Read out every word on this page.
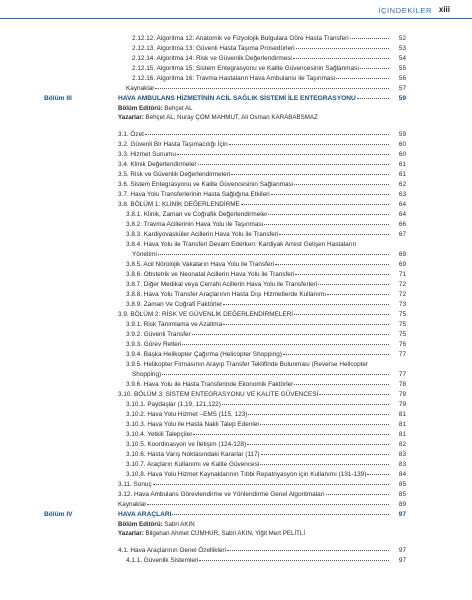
İÇİNDEKİLER xiii
2.12.12. Algoritma 12: Anatomik ve Fizyolojik Bulgulara Göre Hasta Transferi	52
2.12.13. Algoritma 13: Güvenli Hasta Taşıma Prosedürleri	53
2.12.14. Algoritma 14: Risk ve Güvenlik Değerlendirmesi	54
2.12.15. Algoritma 15: Sistem Entegrasyonu ve Kalite Güvencesinin Sağlanması	55
2.12.16. Algoritma 16: Travma Hastaların Hava Ambulansı ile Taşınması	56
Kaynaklar	57
Bölüm III	HAVA AMBULANS HİZMETİNİN ACİL SAĞLIK SİSTEMİ İLE ENTEGRASYONU	59
Bölüm Editörü: Behçet AL
Yazarlar: Behçet AL, Nuray ÇOM MAHMUT, Ali Osman KARABABSMAZ
3.1. Özet	59
3.2. Güvenli Bir Hasta Taşımacılığı İçin	60
3.3. Hizmet Sunumu	60
3.4. Klinik Değerlendirmeler	61
3.5. Risk ve Güvenlik Değerlendirmeleri	61
3.6. Sistem Entegrasyonu ve Kalite Güvencesinin Sağlanması	62
3.7. Hava Yolu Transferlerinin Hasta Sağlığına Etkileri	63
3.8. BÖLÜM 1: KLİNİK DEĞERLENDİRME	64
3.8.1. Klinik, Zaman ve Coğrafik Değerlendirmeler	64
3.8.2. Travma Acillerinin Hava Yolu ile Taşınması	66
3.8.3. Kardiyovasküler Acillerin Hava Yolu ile Transferi	67
3.8.4. Hava Yolu ile Transferi Devam Ederken: Kardiyak Arrest Gelişen Hastaların
Yönetimi	69
3.8.5. Acil Nörolojik Vakaların Hava Yolu ile Transferi	69
3.8.6. Obstetrik ve Neonatal Acillerin Hava Yolu ile Transferi	71
3.8.7. Diğer Medikal veya Cerrahi Acillerin Hava Yolu ile Transferleri	72
3.8.8. Hava Yolu Transfer Araçlarının Hasta Dışı Hizmetlerde Kullanımı	72
3.8.9. Zaman Ve Coğrafi Faktörler	73
3.9. BÖLÜM 2: RİSK VE GÜVENLİK DEĞERLENDİRMELERİ	75
3.9.1. Risk Tanımlama ve Azaltma	75
3.9.2. Güvenli Transfer	75
3.9.3. Görev Retleri	76
3.9.4. Başka Helikopter Çağırma (Helicopter Shopping)	77
3.9.5. Helikopter Firmasının Arayıp Transfer Teklifinde Bulunması (Reverse Helicopter
Shopping)	77
3.9.6. Hava Yolu ile Hasta Transferinde Ekonomik Faktörler	78
3.10. BÖLÜM 3: SİSTEM ENTEGRASYONU VE KALİTE GÜVENCESİ	79
3.10.1. Paydaşlar (1,19, 121,122)	79
3.10.2. Hava Yolu Hizmet –EMS (115, 123)	81
3.10.3. Hava Yolu ile Hasta Nakli Talep Edenler	81
3.10.4. Yetkili Talepçiler	81
3.10.5. Koordinasyon ve İletişim (124-128)	82
3.10.6. Hasta Varış Noktasındaki Kararlar (117)	83
3.10.7. Araçların Kullanımı ve Kalite Güvencesi	83
3.10.8. Hava Yolu Hizmet Kaynaklarının Tıbbi Repatriyasyon için Kullanımı (131-139)	84
3.11. Sonuç	85
3.12. Hava Ambulans Görevlendirme ve Yönlendirme Genel Algoritmaları	85
Kaynaklar	89
Bölüm IV	HAVA ARAÇLARI	97
Bölüm Editörü: Sabri AKIN
Yazarlar: Bilgehan Ahmet CUMHUR, Sabri AKIN, Yiğit Mert PELİTLİ
4.1. Hava Araçlarının Genel Özellikleri	97
4.1.1. Güvenlik Sistemleri	97
